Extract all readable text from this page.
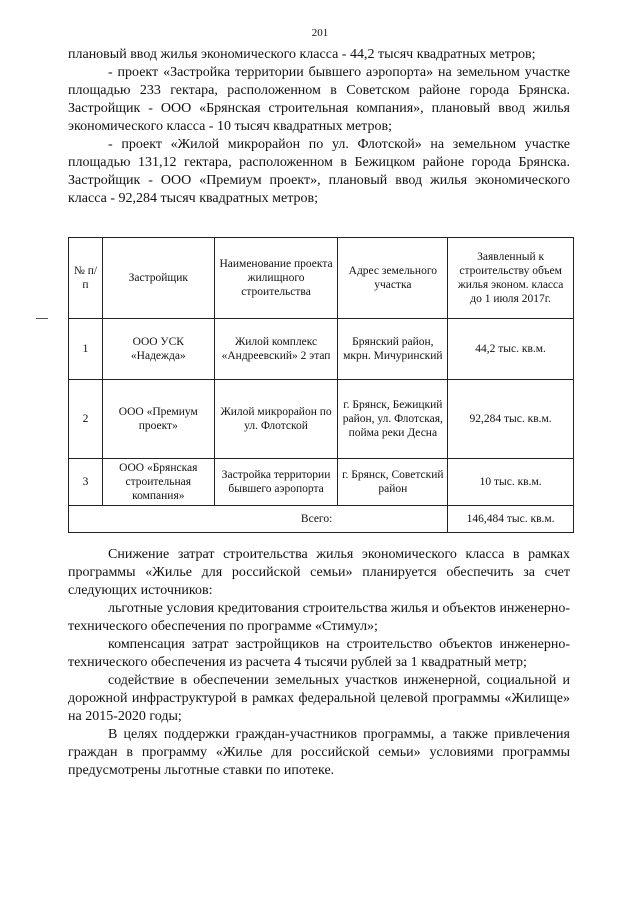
201

плановый ввод жилья экономического класса - 44,2 тысяч квадратных метров;

- проект «Застройка территории бывшего аэропорта» на земельном участке площадью 233 гектара, расположенном в Советском районе города Брянска. Застройщик - ООО «Брянская строительная компания», плановый ввод жилья экономического класса - 10 тысяч квадратных метров;

- проект «Жилой микрорайон по ул. Флотской» на земельном участке площадью 131,12 гектара, расположенном в Бежицком районе города Брянска. Застройщик - ООО «Премиум проект», плановый ввод жилья экономического класса - 92,284 тысяч квадратных метров;

№ п/п	Застройщик	Наименование проекта жилищного строительства	Адрес земельного участка	Заявленный к строительству объем жилья эконом. класса до 1 июля 2017г.
1	ООО УСК «Надежда»	Жилой комплекс «Андреевский» 2 этап	Брянский район, мкрн. Мичуринский	44,2 тыс. кв.м.
2	ООО «Премиум проект»	Жилой микрорайон по ул. Флотской	г. Брянск, Бежицкий район, ул. Флотская, пойма реки Десна	92,284 тыс. кв.м.
3	ООО «Брянская строительная компания»	Застройка территории бывшего аэропорта	г. Брянск, Советский район	10 тыс. кв.м.
Всего:				146,484 тыс. кв.м.

Снижение затрат строительства жилья экономического класса в рамках программы «Жилье для российской семьи» планируется обеспечить за счет следующих источников:

льготные условия кредитования строительства жилья и объектов инженерно-технического обеспечения по программе «Стимул»;

компенсация затрат застройщиков на строительство объектов инженерно-технического обеспечения из расчета 4 тысячи рублей за 1 квадратный метр;

содействие в обеспечении земельных участков инженерной, социальной и дорожной инфраструктурой в рамках федеральной целевой программы «Жилище» на 2015-2020 годы;

В целях поддержки граждан-участников программы, а также привлечения граждан в программу «Жилье для российской семьи» условиями программы предусмотрены льготные ставки по ипотеке.
